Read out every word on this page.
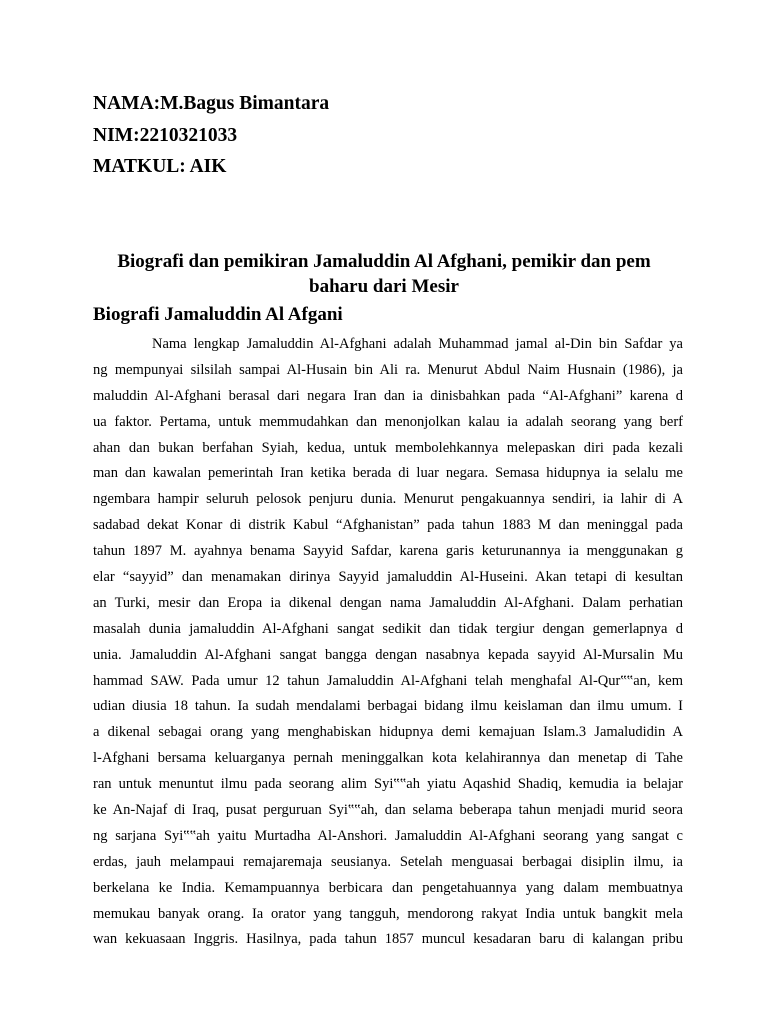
NAMA:M.Bagus Bimantara
NIM:2210321033
MATKUL: AIK
Biografi dan pemikiran Jamaluddin Al Afghani, pemikir dan pem
baharu dari Mesir
Biografi Jamaluddin Al Afgani
Nama lengkap Jamaluddin Al-Afghani adalah Muhammad jamal al-Din bin Safdar ya
ng mempunyai silsilah sampai Al-Husain bin Ali ra. Menurut Abdul Naim Husnain (1986), ja
maluddin Al-Afghani berasal dari negara Iran dan ia dinisbahkan pada “Al-Afghani” karena d
ua faktor. Pertama, untuk memmudahkan dan menonjolkan kalau ia adalah seorang yang berf
ahan dan bukan berfahan Syiah, kedua, untuk membolehkannya melepaskan diri pada kezali
man dan kawalan pemerintah Iran ketika berada di luar negara. Semasa hidupnya ia selalu me
ngembara hampir seluruh pelosok penjuru dunia. Menurut pengakuannya sendiri, ia lahir di A
sadabad dekat Konar di distrik Kabul “Afghanistan” pada tahun 1883 M dan meninggal pada
tahun 1897 M. ayahnya benama Sayyid Safdar, karena garis keturunannya ia menggunakan g
elar “sayyid” dan menamakan dirinya Sayyid jamaluddin Al-Huseini. Akan tetapi di kesultan
an Turki, mesir dan Eropa ia dikenal dengan nama Jamaluddin Al-Afghani. Dalam perhatian
masalah dunia jamaluddin Al-Afghani sangat sedikit dan tidak tergiur dengan gemerlapnya d
unia. Jamaluddin Al-Afghani sangat bangga dengan nasabnya kepada sayyid Al-Mursalin Mu
hammad SAW. Pada umur 12 tahun Jamaluddin Al-Afghani telah menghafal Al-Qur‟‟an, kem
udian diusia 18 tahun. Ia sudah mendalami berbagai bidang ilmu keislaman dan ilmu umum. I
a dikenal sebagai orang yang menghabiskan hidupnya demi kemajuan Islam.3 Jamaludidin A
l-Afghani bersama keluarganya pernah meninggalkan kota kelahirannya dan menetap di Tahe
ran untuk menuntut ilmu pada seorang alim Syi‟‟ah yiatu Aqashid Shadiq, kemudia ia belajar
ke An-Najaf di Iraq, pusat perguruan Syi‟‟ah, dan selama beberapa tahun menjadi murid seora
ng sarjana Syi‟‟ah yaitu Murtadha Al-Anshori. Jamaluddin Al-Afghani seorang yang sangat c
erdas, jauh melampaui remajaremaja seusianya. Setelah menguasai berbagai disiplin ilmu, ia
berkelana ke India. Kemampuannya berbicara dan pengetahuannya yang dalam membuatnya
memukau banyak orang. Ia orator yang tangguh, mendorong rakyat India untuk bangkit mela
wan kekuasaan Inggris. Hasilnya, pada tahun 1857 muncul kesadaran baru di kalangan pribu
